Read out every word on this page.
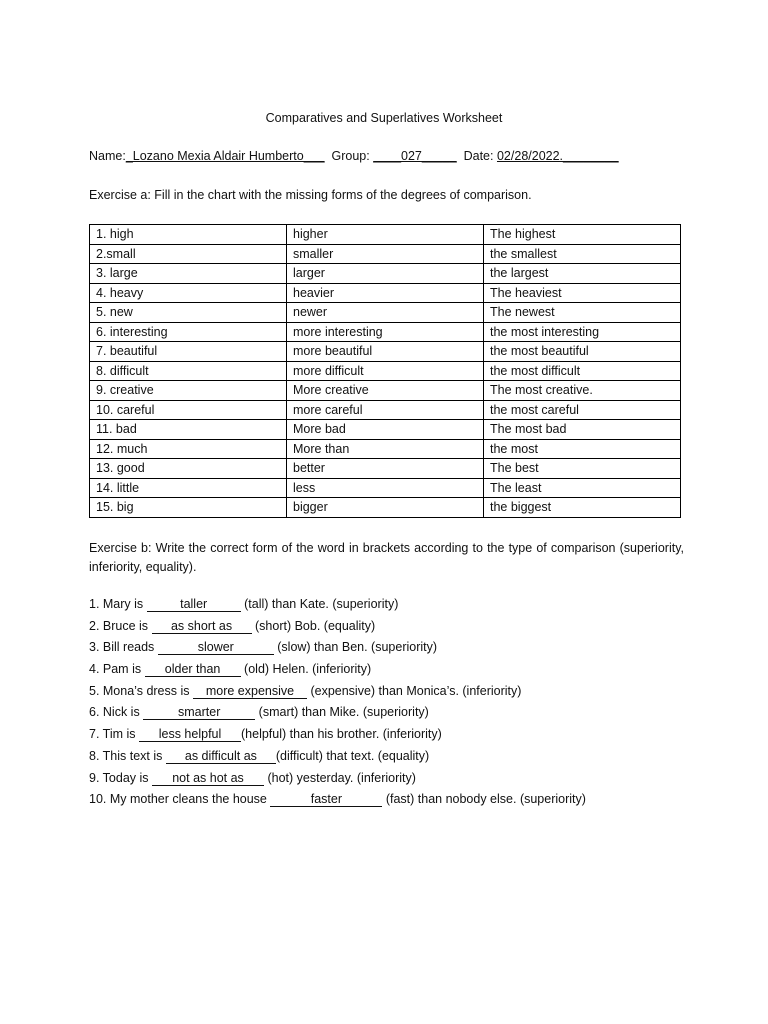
Comparatives and Superlatives Worksheet
Name:_Lozano Mexia Aldair Humberto___ Group: ____027_____ Date: 02/28/2022.________
Exercise a: Fill in the chart with the missing forms of the degrees of comparison.
1. high	higher	The highest
2.small	smaller	the smallest
3. large	larger	the largest
4. heavy	heavier	The heaviest
5. new	newer	The newest
6. interesting	more interesting	the most interesting
7. beautiful	more beautiful	the most beautiful
8. difficult	more difficult	the most difficult
9. creative	More creative	The most creative.
10. careful	more careful	the most careful
11. bad	More bad	The most bad
12. much	More than	the most
13. good	better	The best
14. little	less	The least
15. big	bigger	the biggest
Exercise b: Write the correct form of the word in brackets according to the type of comparison (superiority, inferiority, equality).
1. Mary is	taller	(tall) than Kate. (superiority)
2. Bruce is as short as (short) Bob. (equality)
3. Bill reads	slower	(slow) than Ben. (superiority)
4. Pam is older than (old) Helen. (inferiority)
5. Mona’s dress is more expensive (expensive) than Monica’s. (inferiority)
6. Nick is	smarter	(smart) than Mike. (superiority)
7. Tim is less helpful (helpful) than his brother. (inferiority)
8. This text is as difficult as (difficult) that text. (equality)
9. Today is not as hot as (hot) yesterday. (inferiority)
10. My mother cleans the house	faster	(fast) than nobody else. (superiority)
